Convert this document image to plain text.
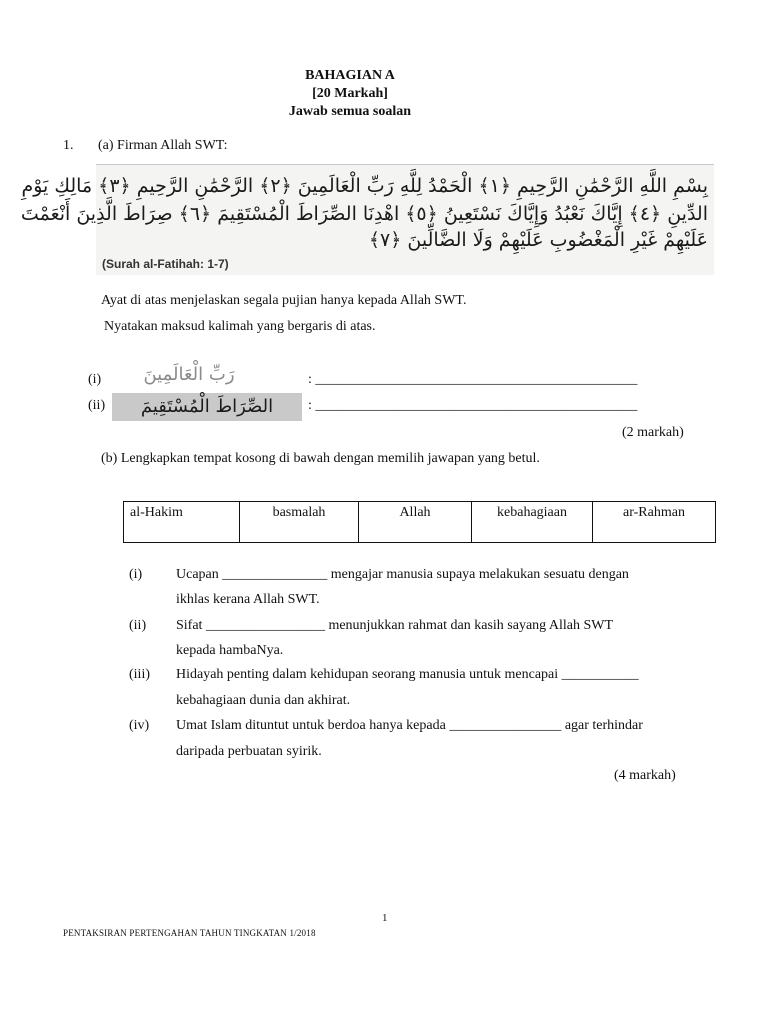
BAHAGIAN A
[20 Markah]
Jawab semua soalan
1. (a) Firman Allah SWT:
بِسْمِ اللَّهِ الرَّحْمَٰنِ الرَّحِيمِ ﴿١﴾ الْحَمْدُ لِلَّهِ رَبِّ الْعَالَمِينَ ﴿٢﴾ الرَّحْمَٰنِ الرَّحِيمِ ﴿٣﴾ مَالِكِ يَوْمِ
الدِّينِ ﴿٤﴾ إِيَّاكَ نَعْبُدُ وَإِيَّاكَ نَسْتَعِينُ ﴿٥﴾ اهْدِنَا الصِّرَاطَ الْمُسْتَقِيمَ ﴿٦﴾ صِرَاطَ الَّذِينَ أَنْعَمْتَ
عَلَيْهِمْ غَيْرِ الْمَغْضُوبِ عَلَيْهِمْ وَلَا الضَّالِّينَ ﴿٧﴾
(Surah al-Fatihah: 1-7)
Ayat di atas menjelaskan segala pujian hanya kepada Allah SWT.
Nyatakan maksud kalimah yang bergaris di atas.
(i)	رَبِّ الْعَالَمِينَ	: ______________________________________________
(ii)	الصِّرَاطَ الْمُسْتَقِيمَ	: ______________________________________________
(2 markah)
(b) Lengkapkan tempat kosong di bawah dengan memilih jawapan yang betul.
al-Hakim	basmalah	Allah	kebahagiaan	ar-Rahman
(i) Ucapan _______________ mengajar manusia supaya melakukan sesuatu dengan
ikhlas kerana Allah SWT.
(ii) Sifat _________________ menunjukkan rahmat dan kasih sayang Allah SWT
kepada hambaNya.
(iii) Hidayah penting dalam kehidupan seorang manusia untuk mencapai ___________
kebahagiaan dunia dan akhirat.
(iv) Umat Islam dituntut untuk berdoa hanya kepada ________________ agar terhindar
daripada perbuatan syirik.
(4 markah)
1
PENTAKSIRAN PERTENGAHAN TAHUN TINGKATAN 1/2018
